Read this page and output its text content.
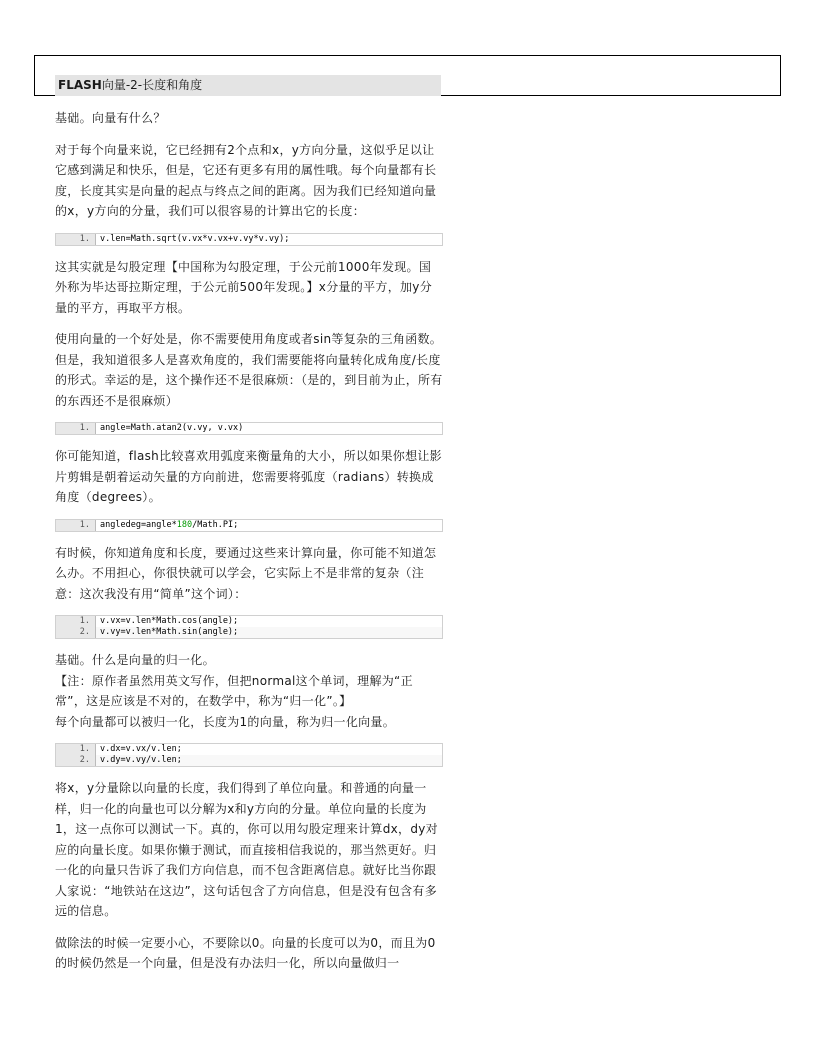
FLASH向量-2-长度和角度

基础。向量有什么？

对于每个向量来说，它已经拥有2个点和x，y方向分量，这似乎足以让它感到满足和快乐，但是，它还有更多有用的属性哦。每个向量都有长度，长度其实是向量的起点与终点之间的距离。因为我们已经知道向量的x，y方向的分量，我们可以很容易的计算出它的长度：

1.	v.len=Math.sqrt(v.vx*v.vx+v.vy*v.vy);

这其实就是勾股定理【中国称为勾股定理，于公元前1000年发现。国外称为毕达哥拉斯定理，于公元前500年发现。】x分量的平方，加y分量的平方，再取平方根。

使用向量的一个好处是，你不需要使用角度或者sin等复杂的三角函数。但是，我知道很多人是喜欢角度的，我们需要能将向量转化成角度/长度 的形式。幸运的是，这个操作还不是很麻烦：（是的，到目前为止，所有的东西还不是很麻烦）

1.	angle=Math.atan2(v.vy, v.vx)

你可能知道，flash比较喜欢用弧度来衡量角的大小，所以如果你想让影片剪辑是朝着运动矢量的方向前进，您需要将弧度（radians）转换成角度（degrees）。

1.	angledeg=angle*180/Math.PI;

有时候，你知道角度和长度，要通过这些来计算向量，你可能不知道怎么办。不用担心，你很快就可以学会，它实际上不是非常的复杂（注意：这次我没有用“简单”这个词）：

1.	v.vx=v.len*Math.cos(angle);
2.	v.vy=v.len*Math.sin(angle);

基础。什么是向量的归一化。

【注：原作者虽然用英文写作，但把normal这个单词，理解为“正常”，这是应该是不对的，在数学中，称为“归一化”。】

每个向量都可以被归一化，长度为1的向量，称为归一化向量。

1.	v.dx=v.vx/v.len;
2.	v.dy=v.vy/v.len;

将x，y分量除以向量的长度，我们得到了单位向量。和普通的向量一样，归一化的向量也可以分解为x和y方向的分量。单位向量的长度为1，这一点你可以测试一下。真的，你可以用勾股定理来计算dx，dy对应的向量长度。如果你懒于测试，而直接相信我说的，那当然更好。归一化的向量只告诉了我们方向信息，而不包含距离信息。就好比当你跟人家说：“地铁站在这边”，这句话包含了方向信息，但是没有包含有多远的信息。

做除法的时候一定要小心，不要除以0。向量的长度可以为0，而且为0的时候仍然是一个向量，但是没有办法归一化，所以向量做归一
